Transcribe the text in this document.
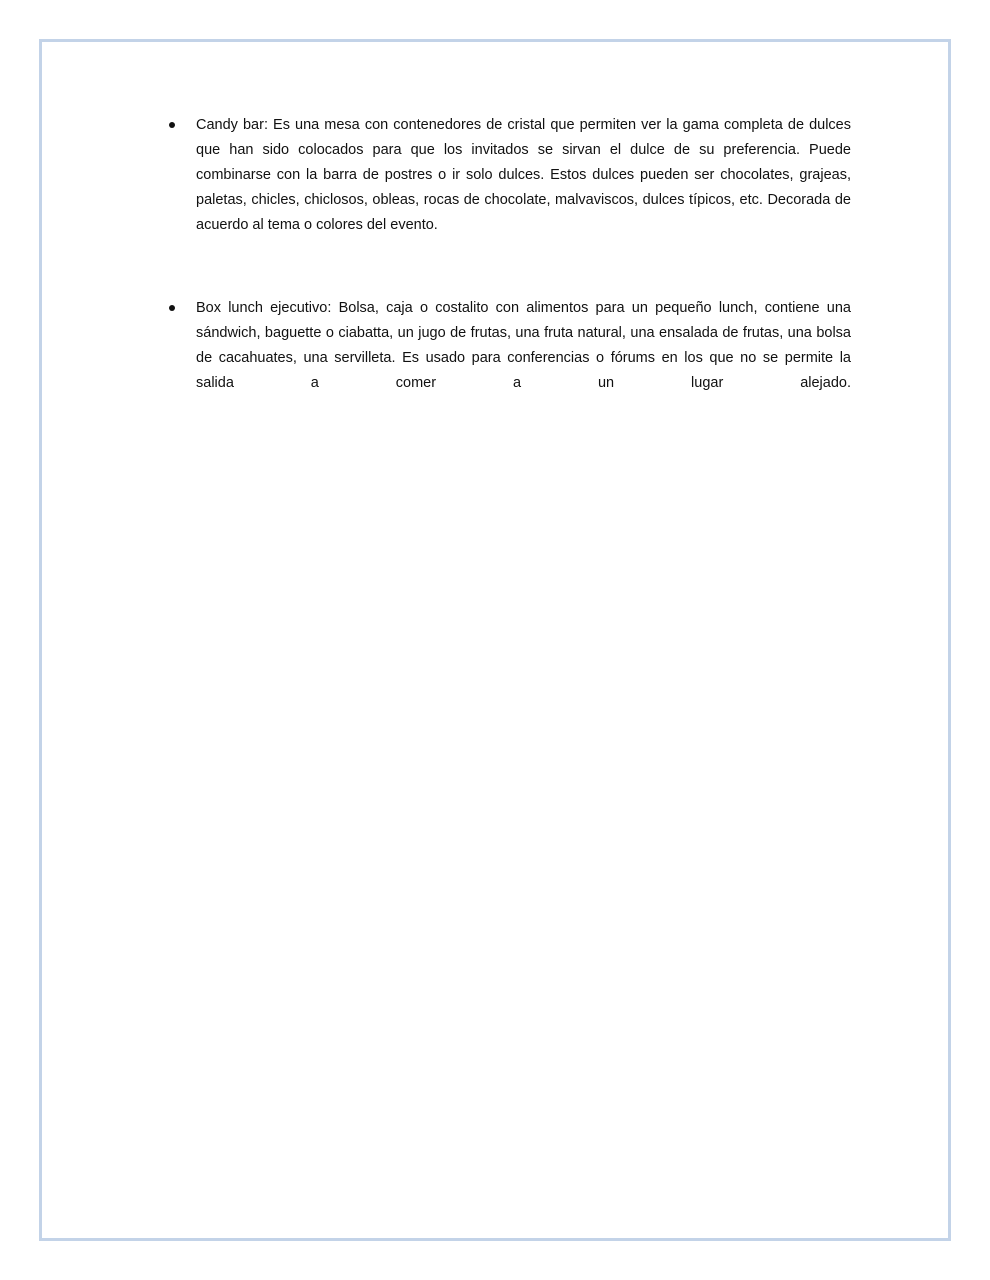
Candy bar: Es una mesa con contenedores de cristal que permiten ver la gama completa de dulces que han sido colocados para que los invitados se sirvan el dulce de su preferencia. Puede combinarse con la barra de postres o ir solo dulces. Estos dulces pueden ser chocolates, grajeas, paletas, chicles, chiclosos, obleas, rocas de chocolate, malvaviscos, dulces típicos, etc. Decorada de acuerdo al tema o colores del evento.
Box lunch ejecutivo: Bolsa, caja o costalito con alimentos para un pequeño lunch, contiene una sándwich, baguette o ciabatta, un jugo de frutas, una fruta natural, una ensalada de frutas, una bolsa de cacahuates, una servilleta. Es usado para conferencias o fórums en los que no se permite la salida a comer a un lugar alejado.
